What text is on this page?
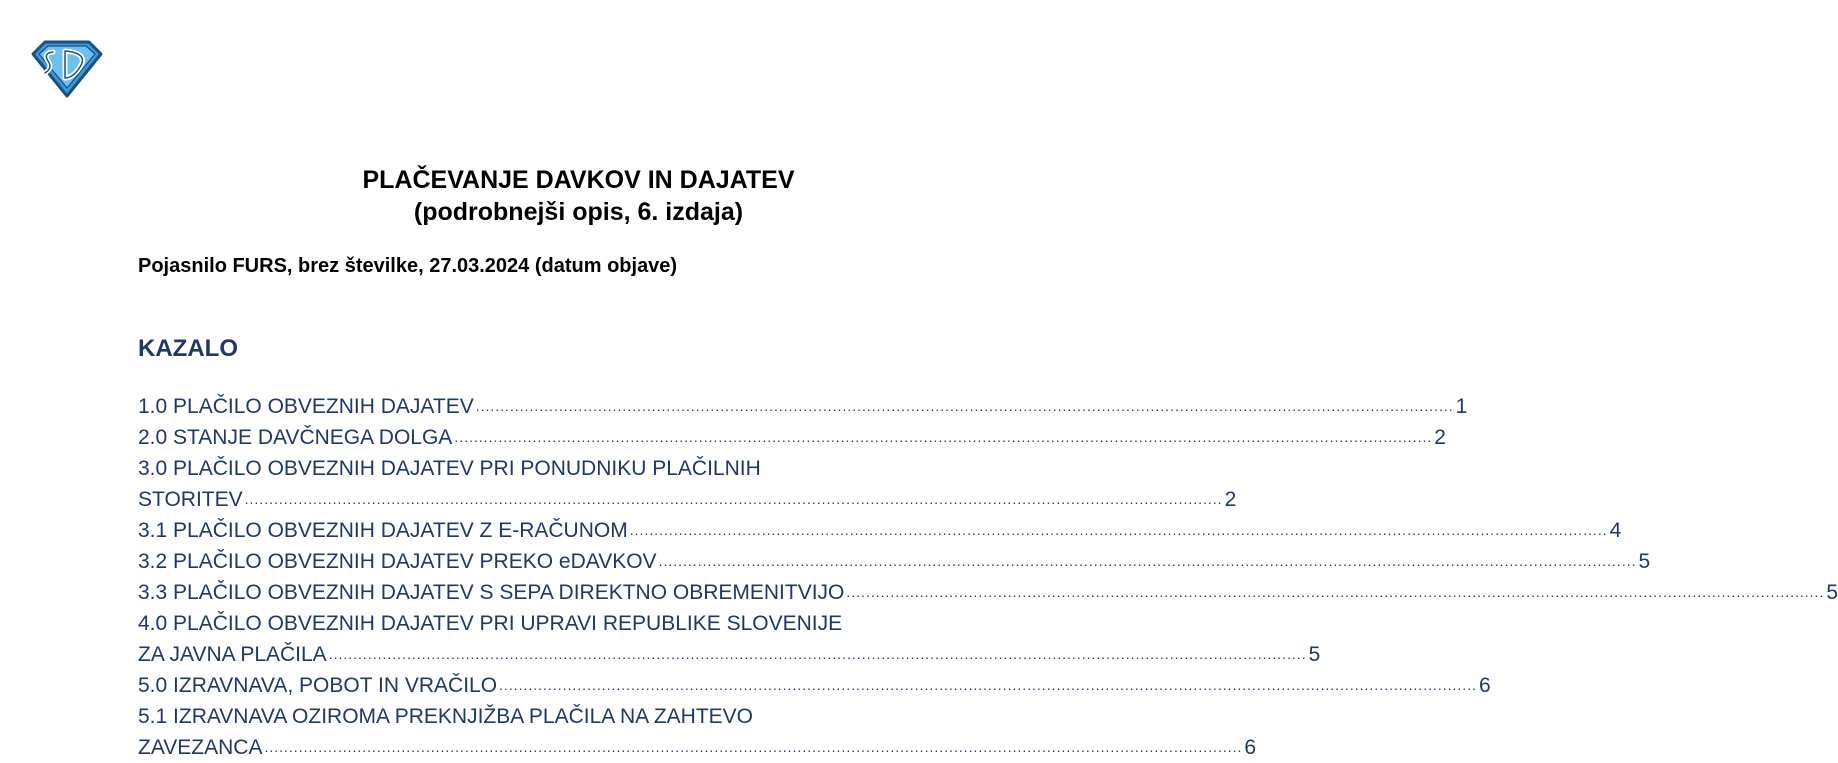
PLAČEVANJE DAVKOV IN DAJATEV
(podrobnejši opis, 6. izdaja)
Pojasnilo FURS, brez številke, 27.03.2024 (datum objave)
KAZALO
1.0 PLAČILO OBVEZNIH DAJATEV ........................................................................................................................................................................................................ 1
2.0 STANJE DAVČNEGA DOLGA ........................................................................................................................................................................................................ 2
3.0 PLAČILO OBVEZNIH DAJATEV PRI PONUDNIKU PLAČILNIH
STORITEV ........................................................................................................................................................................................................ 2
3.1 PLAČILO OBVEZNIH DAJATEV Z E-RAČUNOM ........................................................................................................................................................................................................ 4
3.2 PLAČILO OBVEZNIH DAJATEV PREKO eDAVKOV ........................................................................................................................................................................................................ 5
3.3 PLAČILO OBVEZNIH DAJATEV S SEPA DIREKTNO OBREMENITVIJO ........................................................................................................................................................................................................ 5
4.0 PLAČILO OBVEZNIH DAJATEV PRI UPRAVI REPUBLIKE SLOVENIJE
ZA JAVNA PLAČILA ........................................................................................................................................................................................................ 5
5.0 IZRAVNAVA, POBOT IN VRAČILO ........................................................................................................................................................................................................ 6
5.1 IZRAVNAVA OZIROMA PREKNJIŽBA PLAČILA NA ZAHTEVO
ZAVEZANCA ........................................................................................................................................................................................................ 6
